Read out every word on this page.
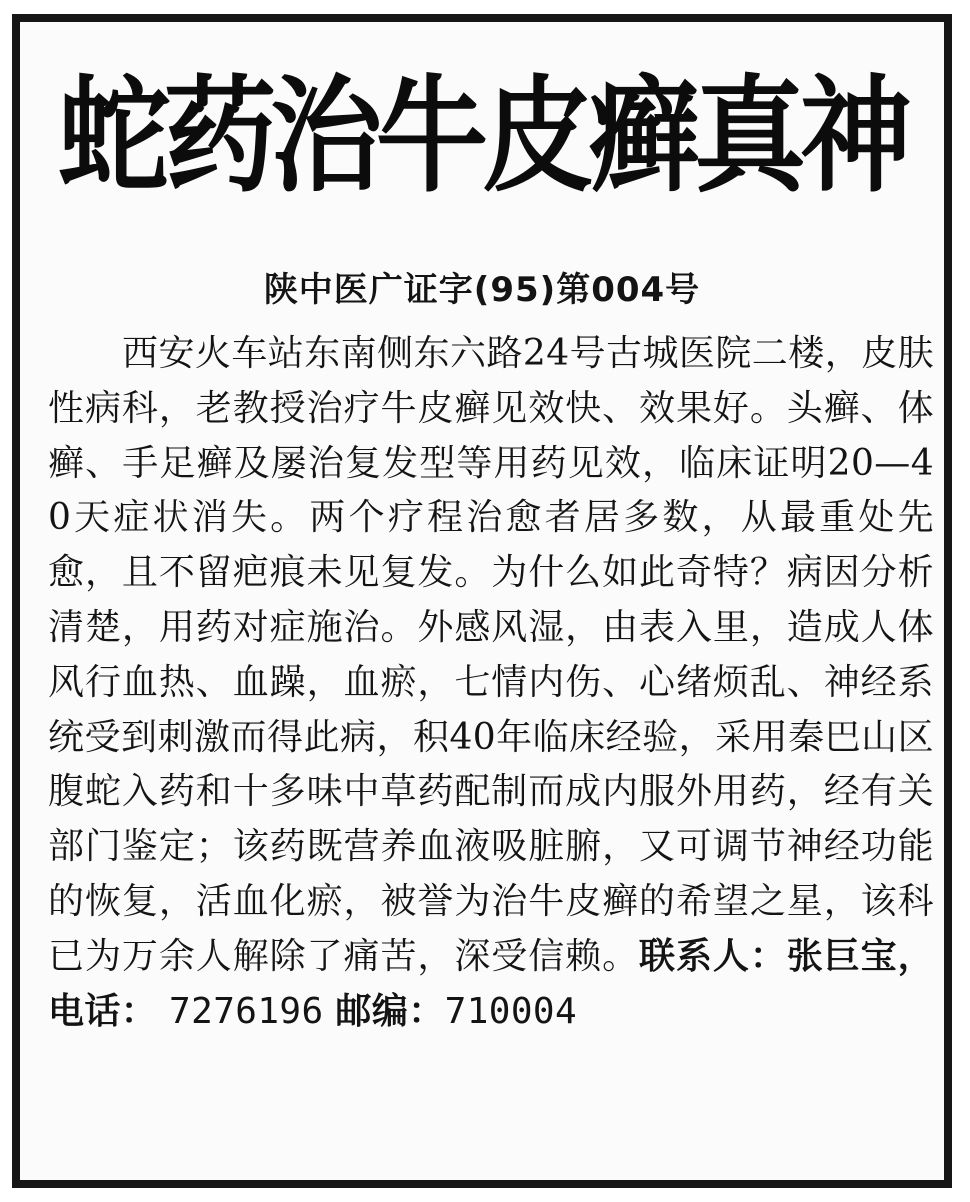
蛇药治牛皮癣真神
陕中医广证字(95)第004号

西安火车站东南侧东六路24号古城医院二楼，皮肤性病科，老教授治疗牛皮癣见效快、效果好。头癣、体癣、手足癣及屡治复发型等用药见效，临床证明20—40天症状消失。两个疗程治愈者居多数，从最重处先愈，且不留疤痕未见复发。为什么如此奇特？病因分析清楚，用药对症施治。外感风湿，由表入里，造成人体风行血热、血躁，血瘀，七情内伤、心绪烦乱、神经系统受到刺激而得此病，积40年临床经验，采用秦巴山区腹蛇入药和十多味中草药配制而成内服外用药，经有关部门鉴定；该药既营养血液吸脏腑，又可调节神经功能的恢复，活血化瘀，被誉为治牛皮癣的希望之星，该科已为万余人解除了痛苦，深受信赖。联系人：张巨宝，电话： 7276196 邮编：710004
